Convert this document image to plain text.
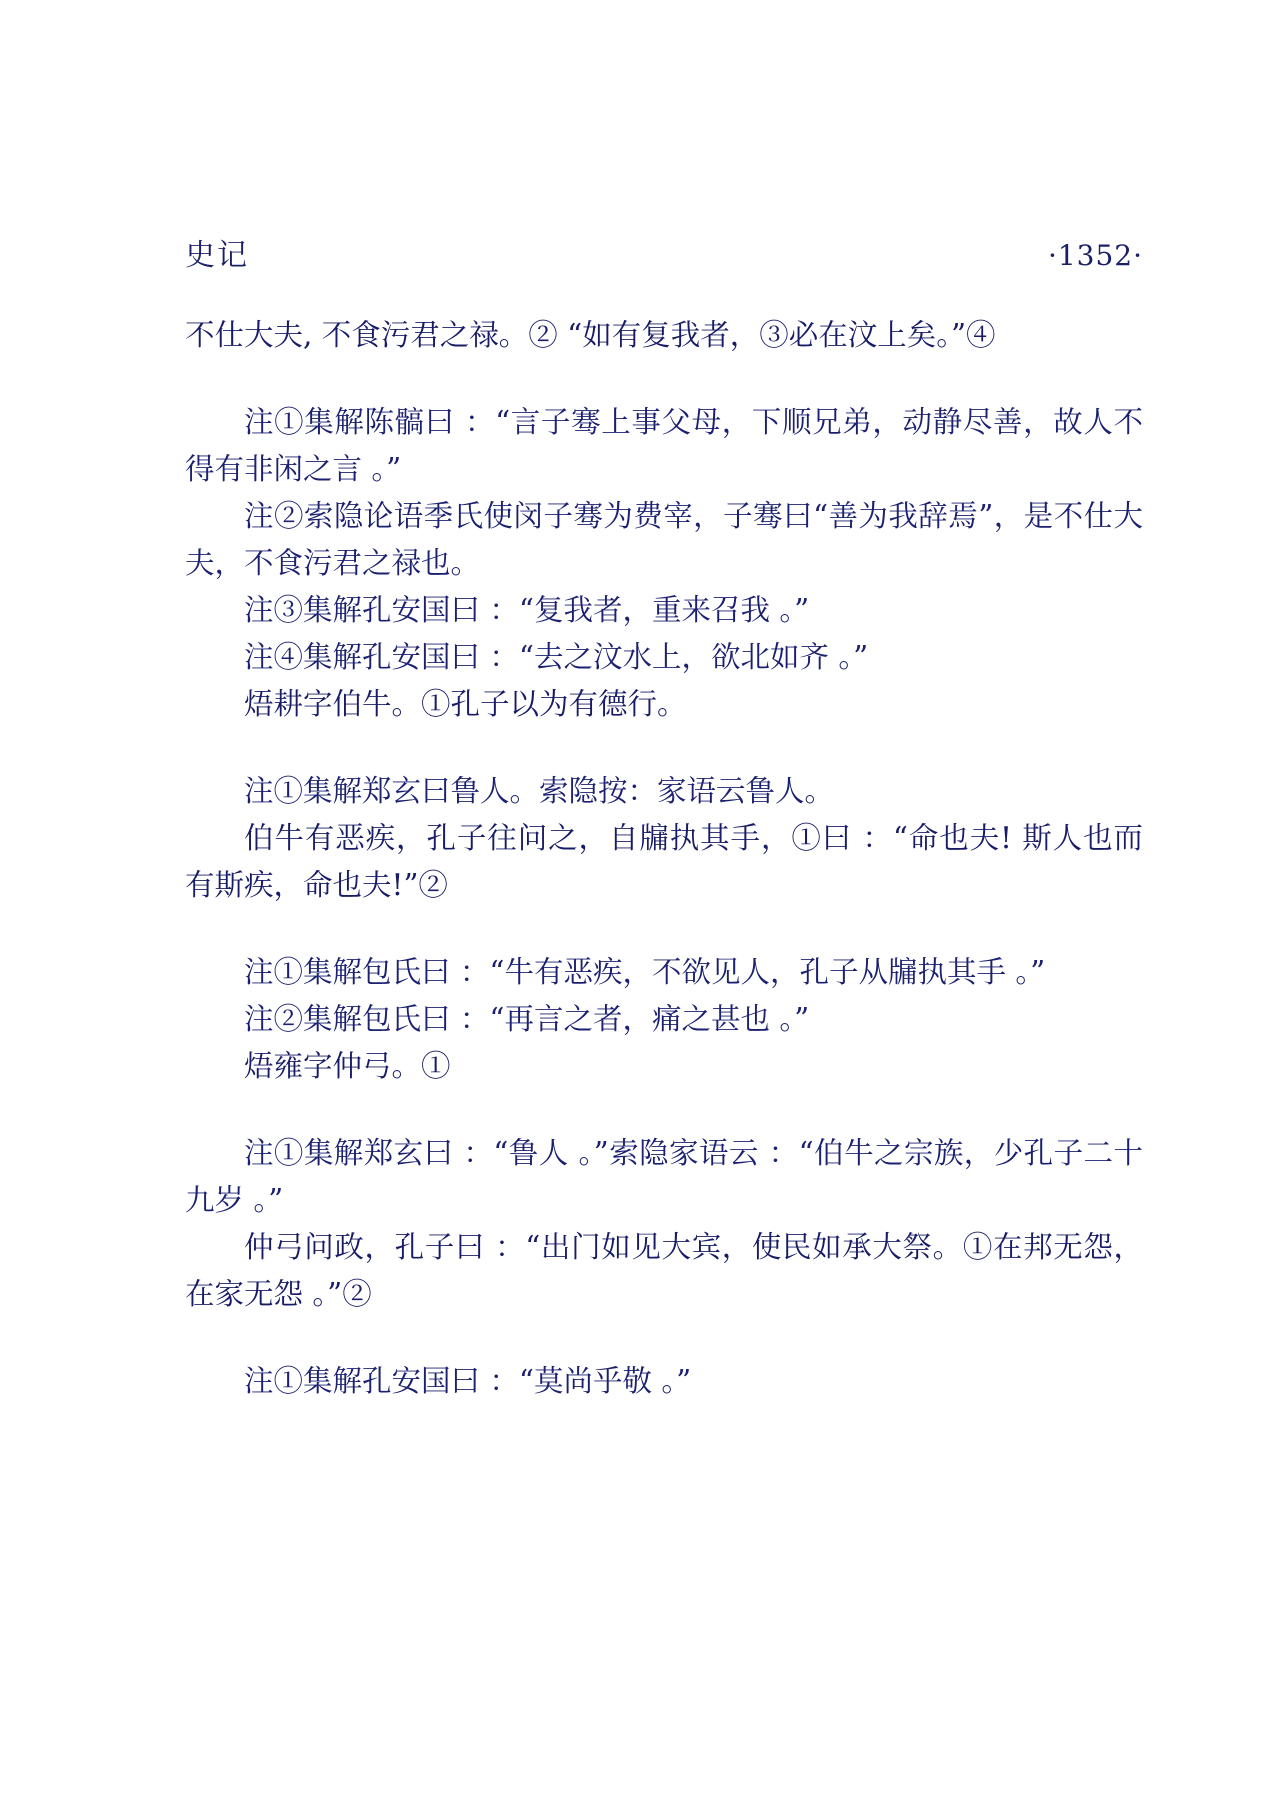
史记	·1352·

不仕大夫, 不食污君之禄。② “如有复我者，③必在汶上矣。”④

注①集解陈髇曰 ：“言子骞上事父母，下顺兄弟，动静尽善，故人不得有非闲之言 。”

注②索隐论语季氏使闵子骞为费宰，子骞曰“善为我辞焉”，是不仕大夫，不食污君之禄也。

注③集解孔安国曰 ：“复我者，重来召我 。”

注④集解孔安国曰 ：“去之汶水上，欲北如齐 。”

焐耕字伯牛。①孔子以为有德行。

注①集解郑玄曰鲁人。索隐按：家语云鲁人。

伯牛有恶疾，孔子往问之，自牖执其手，①曰 ：“命也夫! 斯人也而有斯疾，命也夫!”②

注①集解包氏曰 ：“牛有恶疾，不欲见人，孔子从牖执其手 。”

注②集解包氏曰 ：“再言之者，痛之甚也 。”

焐雍字仲弓。①

注①集解郑玄曰 ：“鲁人 。”索隐家语云 ：“伯牛之宗族，少孔子二十九岁 。”

仲弓问政，孔子曰 ：“出门如见大宾，使民如承大祭。①在邦无怨，在家无怨 。”②

注①集解孔安国曰 ：“莫尚乎敬 。”
